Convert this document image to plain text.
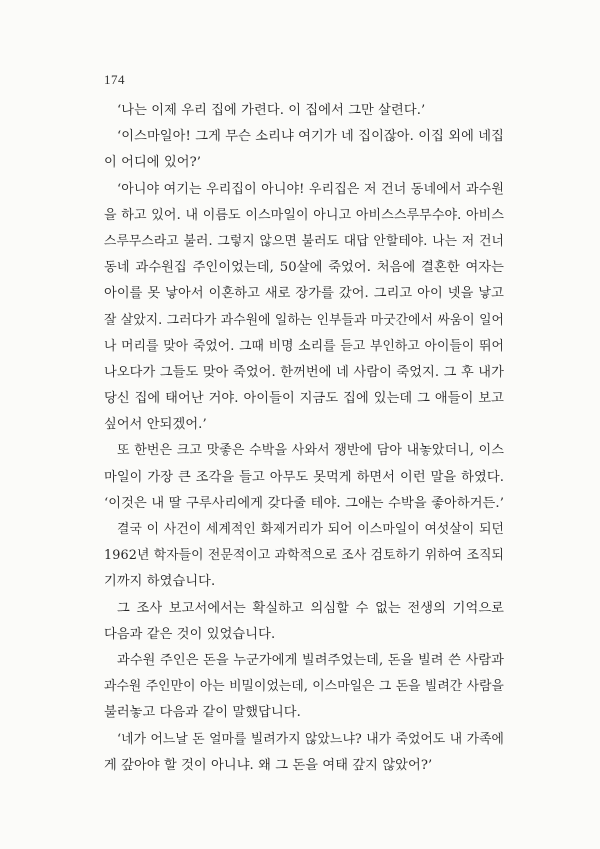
174
‘나는 이제 우리 집에 가련다. 이 집에서 그만 살련다.’
‘이스마일아! 그게 무슨 소리냐 여기가 네 집이잖아. 이집 외에 네집
이 어디에 있어?’
‘아니야 여기는 우리집이 아니야! 우리집은 저 건너 동네에서 과수원
을 하고 있어. 내 이름도 이스마일이 아니고 아비스스루무수야. 아비스
스루무스라고 불러. 그렇지 않으면 불러도 대답 안할테야. 나는 저 건너
동네 과수원집 주인이었는데, 50살에 죽었어. 처음에 결혼한 여자는
아이를 못 낳아서 이혼하고 새로 장가를 갔어. 그리고 아이 넷을 낳고
잘 살았지. 그러다가 과수원에 일하는 인부들과 마굿간에서 싸움이 일어
나 머리를 맞아 죽었어. 그때 비명 소리를 듣고 부인하고 아이들이 뛰어
나오다가 그들도 맞아 죽었어. 한꺼번에 네 사람이 죽었지. 그 후 내가
당신 집에 태어난 거야. 아이들이 지금도 집에 있는데 그 애들이 보고
싶어서 안되겠어.’
또 한번은 크고 맛좋은 수박을 사와서 쟁반에 담아 내놓았더니, 이스
마일이 가장 큰 조각을 들고 아무도 못먹게 하면서 이런 말을 하였다.
‘이것은 내 딸 구루사리에게 갖다줄 테야. 그애는 수박을 좋아하거든.’
결국 이 사건이 세계적인 화제거리가 되어 이스마일이 여섯살이 되던
1962년 학자들이 전문적이고 과학적으로 조사 검토하기 위하여 조직되
기까지 하였습니다.
그 조사 보고서에서는 확실하고 의심할 수 없는 전생의 기억으로
다음과 같은 것이 있었습니다.
과수원 주인은 돈을 누군가에게 빌려주었는데, 돈을 빌려 쓴 사람과
과수원 주인만이 아는 비밀이었는데, 이스마일은 그 돈을 빌려간 사람을
불러놓고 다음과 같이 말했답니다.
‘네가 어느날 돈 얼마를 빌려가지 않았느냐? 내가 죽었어도 내 가족에
게 갚아야 할 것이 아니냐. 왜 그 돈을 여태 갚지 않았어?’
